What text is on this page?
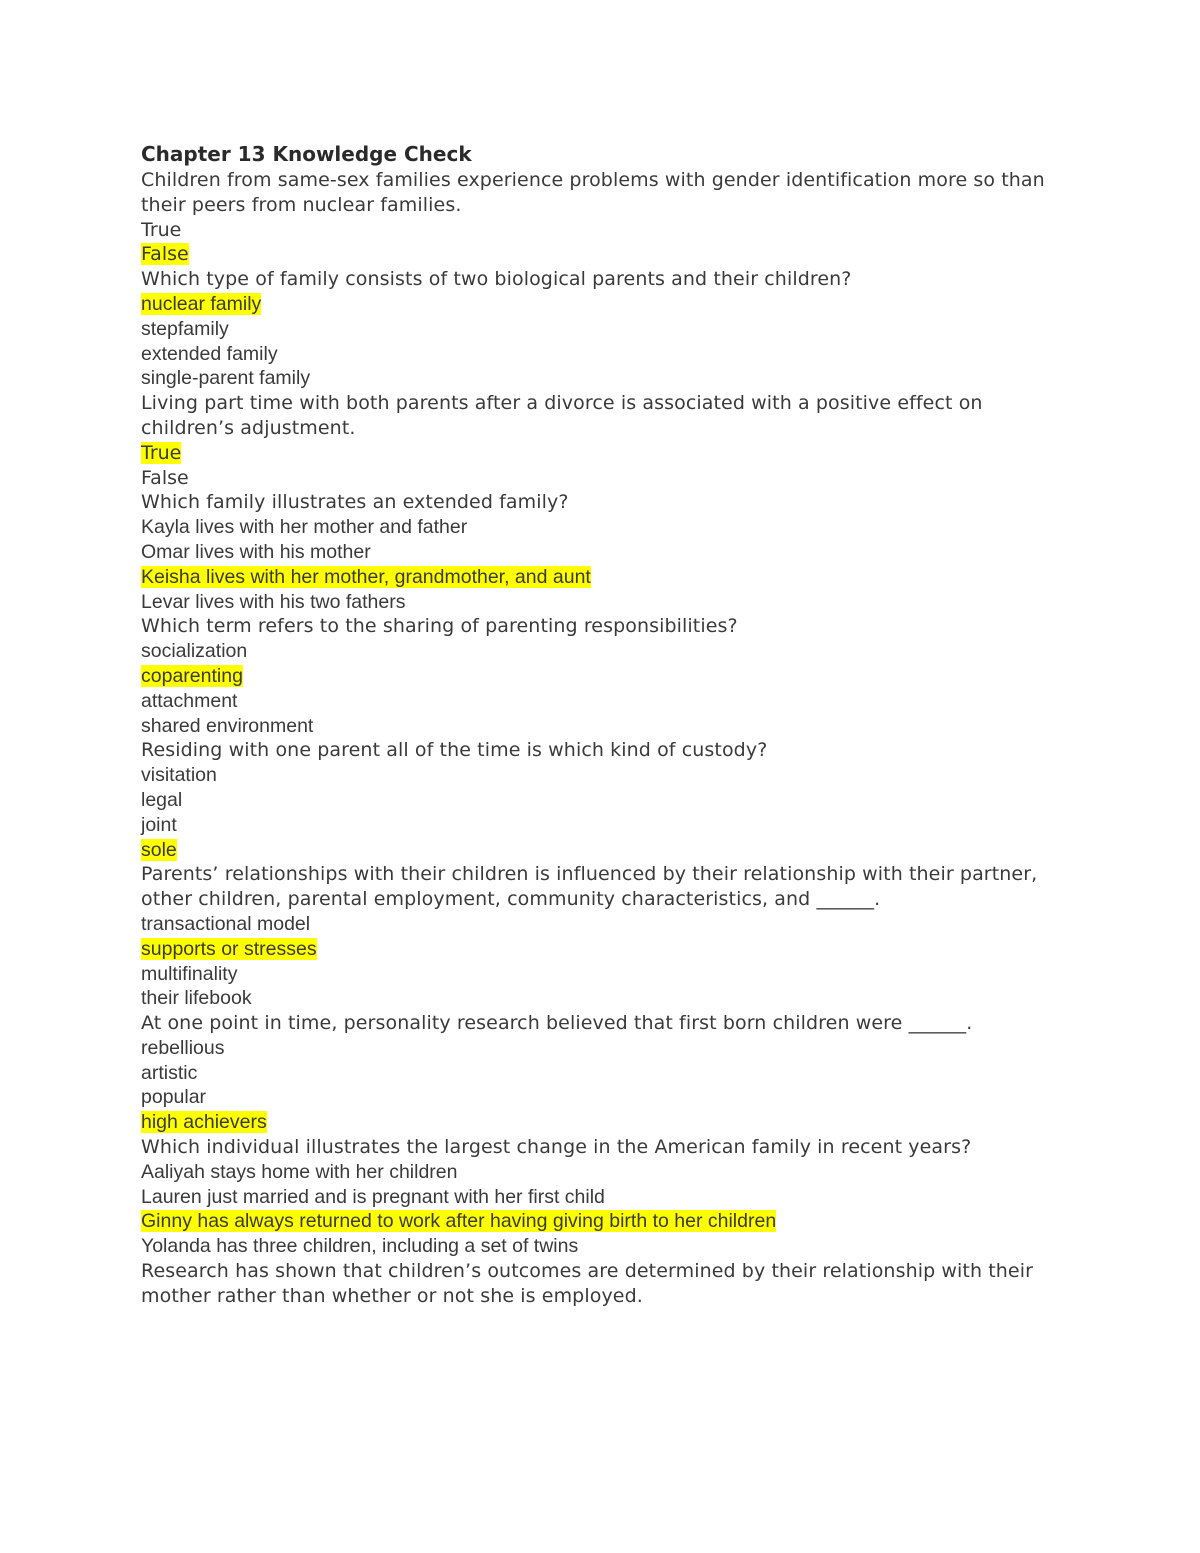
Chapter 13 Knowledge Check

Children from same-sex families experience problems with gender identification more so than their peers from nuclear families.

True

False

Which type of family consists of two biological parents and their children?

nuclear family

stepfamily

extended family

single-parent family

Living part time with both parents after a divorce is associated with a positive effect on children’s adjustment.

True

False

Which family illustrates an extended family?

Kayla lives with her mother and father

Omar lives with his mother

Keisha lives with her mother, grandmother, and aunt

Levar lives with his two fathers

Which term refers to the sharing of parenting responsibilities?

socialization

coparenting

attachment

shared environment

Residing with one parent all of the time is which kind of custody?

visitation

legal

joint

sole

Parents’ relationships with their children is influenced by their relationship with their partner, other children, parental employment, community characteristics, and ______.

transactional model

supports or stresses

multifinality

their lifebook

At one point in time, personality research believed that first born children were ______.

rebellious

artistic

popular

high achievers

Which individual illustrates the largest change in the American family in recent years?

Aaliyah stays home with her children

Lauren just married and is pregnant with her first child

Ginny has always returned to work after having giving birth to her children

Yolanda has three children, including a set of twins

Research has shown that children’s outcomes are determined by their relationship with their mother rather than whether or not she is employed.
